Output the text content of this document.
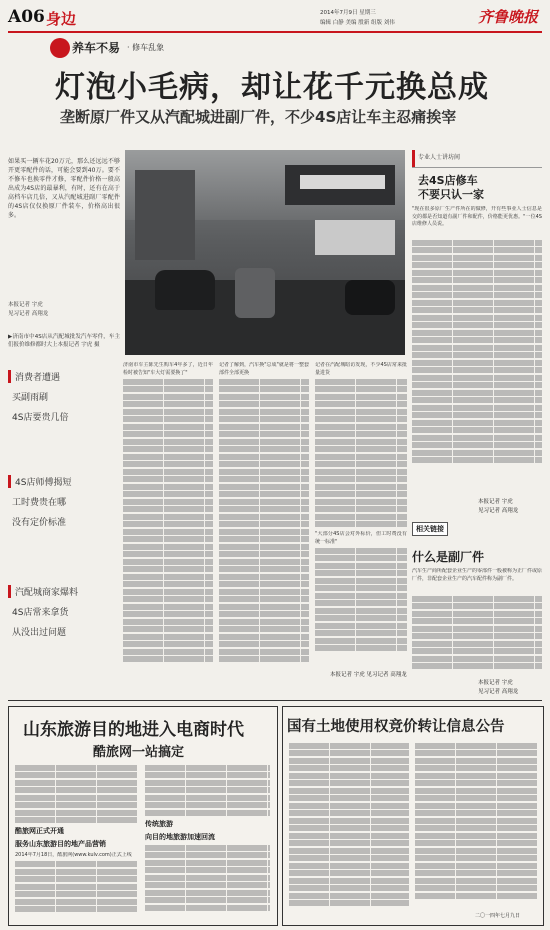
A06 身边	2014年7月9日 星期三
编辑 白静 美编 殷新 组版 刘伟	齐鲁晚报
养车不易 · 修车乱象
灯泡小毛病，却让花千元换总成
垄断原厂件又从汽配城进副厂件，不少4S店让车主忍痛挨宰
如果买一辆车花20万元，那么还远远不够开更零配件的话，可能会要到40万。要不不修车也换零件才修，零配件价格一般高出成为4S店的最暴利，有时，还有在高于高档车店几倍，又从汽配城进副厂零配件的4S店仅仅换原厂件装车，价格高出很多。
本报记者 宇虎
见习记者 高翔龙
▶济南市中4S店从汽配城批发汽车零件，车主们报价维修都时大上本报记者 宇虎 摄
专业人士讲坊间
去4S店修车
不要只认一家
"现在很多原厂生产件所在的做修，开有些事业人士信息是交的都是否知道有副厂件和配件，价格能更优惠。"一位4S店维修人员说。
本报记者 宇虎
见习记者 高翔龙
相关链接
什么是副厂件
汽车生产商所配套企业生产的零部件一般被称为正厂件或原厂件，非配套企业生产的汽车配件称为副厂件。
本报记者 宇虎
见习记者 高翔龙
消费者遭遇
买副雨刷
4S店要贵几倍
4S店师傅揭短
工时费贵在哪
没有定价标准
汽配城商家爆料
4S店常来拿货
从没出过问题
济南市车主陈先生购车4年多了，近日年检时被告知"车大灯需要换了"
记者了解到，汽车换"总成"就是将一整套部件全部更换
记者在汽配城暗访发现，不少4S店常来批量进货
"大部分4S店会对外标价，但工时费没有统一标准"
本报记者 宇虎 见习记者 高翔龙
山东旅游目的地进入电商时代
酷旅网一站搞定
酷旅网正式开通
服务山东旅游目的地产品营销
2014年7月18日，酷旅网(www.kulv.com)正式上线
传统旅游
向目的地旅游加速回流
国有土地使用权竞价转让信息公告
二〇一四年七月九日
